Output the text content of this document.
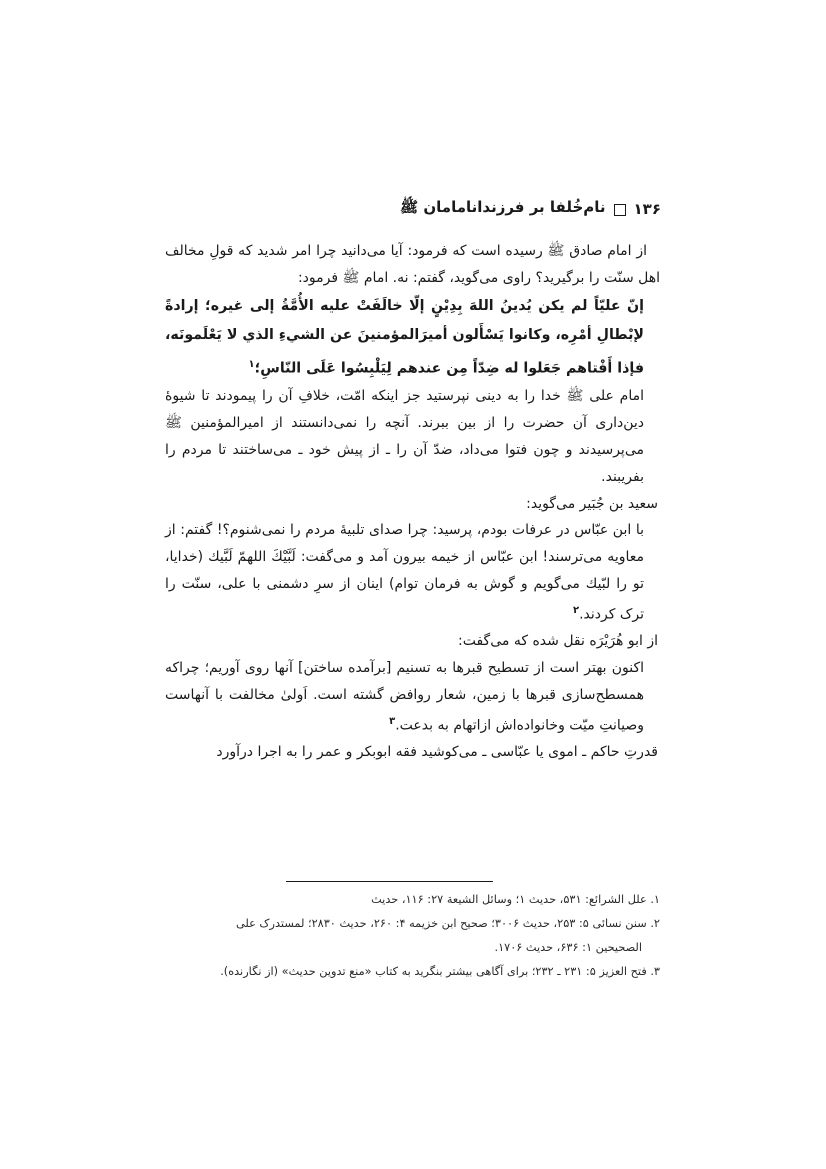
۱۳۶
نام‌خُلفا بر فرزندانامامان ﷺ

از امام صادق ﷺ رسیده است که فرمود: آیا می‌دانید چرا امر شدید که قولِ مخالف اهل سنّت را برگیرید؟ راوی می‌گوید، گفتم: نه. امام ﷺ فرمود:

إنّ عليّاً لم يكن يُدينُ اللهَ بِدِيْنٍ إلّا خالَفَتْ عليه الأُمَّةُ إلى غيره؛ إرادةً لإبْطالِ أمْرِه، وكانوا يَسْأَلون أميرَالمؤمنينَ عن الشيءِ الذي لا يَعْلَمونَه، فإذا أَفْتاهم جَعَلوا له ضِدّاً مِن عندهم لِيَلْبِسُوا عَلَى النّاسِ؛$^۱$

امام علی ﷺ خدا را به دینی نپرستید جز اینکه امّت، خلافِ آن را پیمودند تا شیوۀ دین‌داری آن حضرت را از بین ببرند. آنچه را نمی‌دانستند از امیرالمؤمنین ﷺ می‌پرسیدند و چون فتوا می‌داد، ضدّ آن را ـ از پیش خود ـ می‌ساختند تا مردم را بفریبند.

سعید بن جُبَیر می‌گوید:

با ابن عبّاس در عرفات بودم، پرسید: چرا صدای تلبیۀ مردم را نمی‌شنوم؟! گفتم: از معاویه می‌ترسند! ابن عبّاس از خیمه بیرون آمد و می‌گفت: لَبَّيْكَ اللهمّ لَبَّيك (خدایا، تو را لبّیك می‌گویم و گوش به فرمان توام) اینان از سرِ دشمنی با علی، سنّت را ترک کردند.$^۲$

از ابو هُرَیْرَه نقل شده که می‌گفت:

اکنون بهتر است از تسطیح قبرها به تسنیم [برآمده ساختن] آنها روی آوریم؛ چراکه همسطح‌سازی قبرها با زمین، شعار روافض گشته است. اَولیٰ مخالفت با آنهاست وصیانتِ میّت وخانواده‌اش ازاتهام به بدعت.$^۳$

قدرتِ حاکم ـ اموی یا عبّاسی ـ می‌کوشید فقه ابوبکر و عمر را به اجرا درآورد

۱. علل الشرائع: ۵۳۱، حدیث ۱؛ وسائل الشیعة ۲۷: ۱۱۶، حدیث

۲. سنن نسائی ۵: ۲۵۳، حدیث ۳۰۰۶؛ صحیح ابن خزیمه ۴: ۲۶۰، حدیث ۲۸۳۰؛ لمستدرک علی

الصحیحین ۱: ۶۳۶، حدیث ۱۷۰۶.

۳. فتح العزیز ۵: ۲۳۱ ـ ۲۳۲؛ برای آگاهی بیشتر بنگرید به کتاب «منع تدوین حدیث» (از نگارنده).
